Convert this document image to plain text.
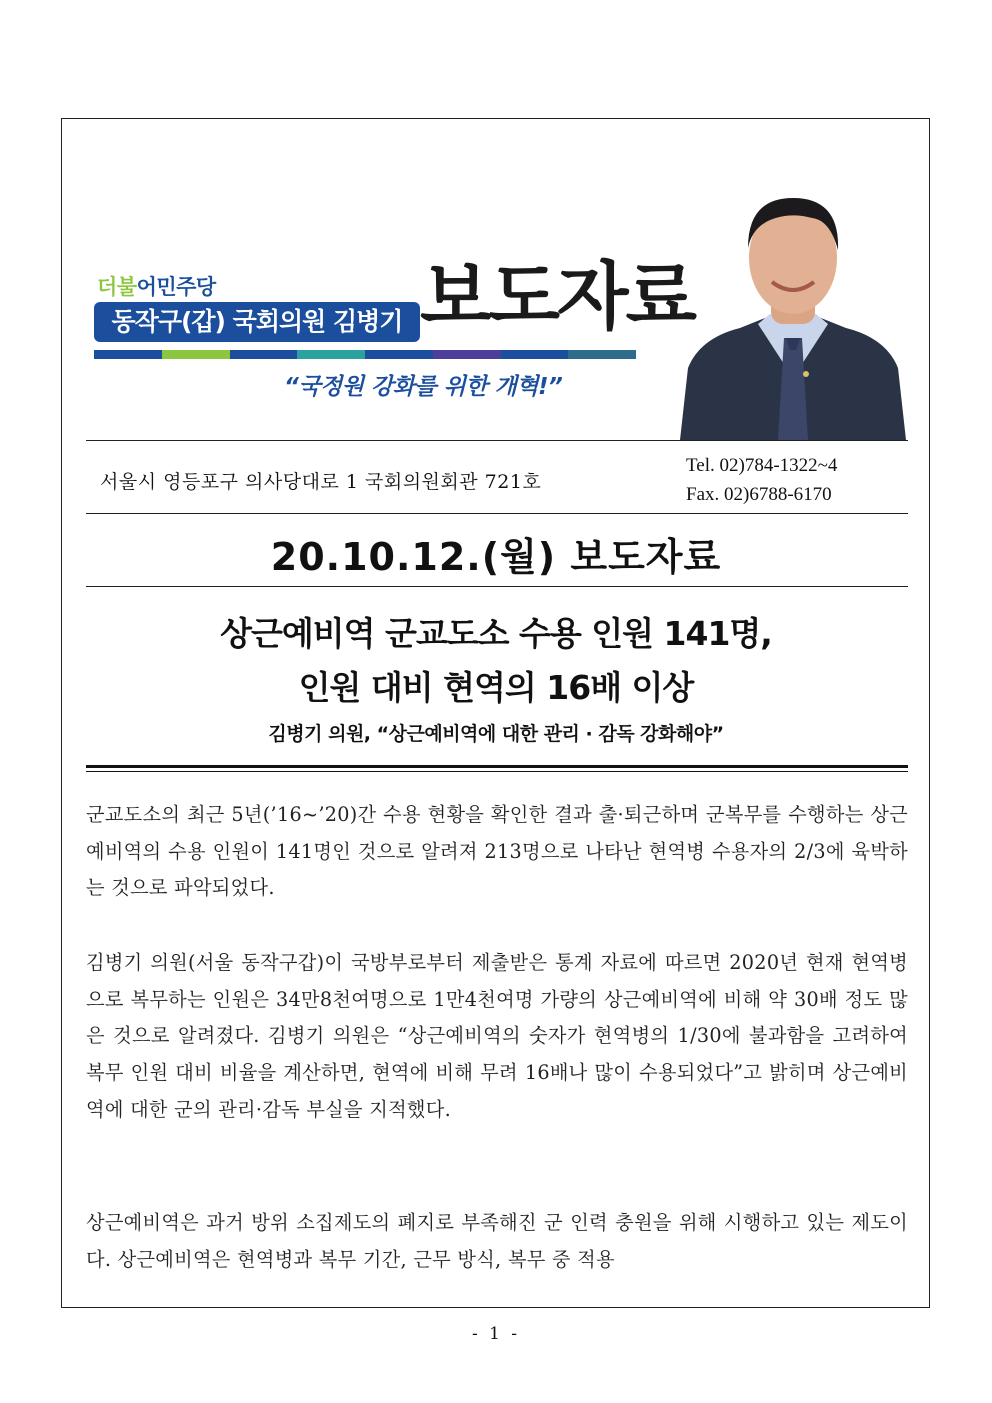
더불어민주당
동작구(갑) 국회의원 김병기 보도자료
“국정원 강화를 위한 개혁!”
서울시 영등포구 의사당대로 1 국회의원회관 721호
Tel. 02)784-1322~4
Fax. 02)6788-6170
20.10.12.(월) 보도자료
상근예비역 군교도소 수용 인원 141명,
인원 대비 현역의 16배 이상
김병기 의원, “상근예비역에 대한 관리 · 감독 강화해야”
군교도소의 최근 5년(’16~’20)간 수용 현황을 확인한 결과 출·퇴근하며 군복무를 수행하는 상근예비역의 수용 인원이 141명인 것으로 알려져 213명으로 나타난 현역병 수용자의 2/3에 육박하는 것으로 파악되었다.
김병기 의원(서울 동작구갑)이 국방부로부터 제출받은 통계 자료에 따르면 2020년 현재 현역병으로 복무하는 인원은 34만8천여명으로 1만4천여명 가량의 상근예비역에 비해 약 30배 정도 많은 것으로 알려졌다. 김병기 의원은 “상근예비역의 숫자가 현역병의 1/30에 불과함을 고려하여 복무 인원 대비 비율을 계산하면, 현역에 비해 무려 16배나 많이 수용되었다”고 밝히며 상근예비역에 대한 군의 관리·감독 부실을 지적했다.
상근예비역은 과거 방위 소집제도의 폐지로 부족해진 군 인력 충원을 위해 시행하고 있는 제도이다. 상근예비역은 현역병과 복무 기간, 근무 방식, 복무 중 적용
- 1 -
